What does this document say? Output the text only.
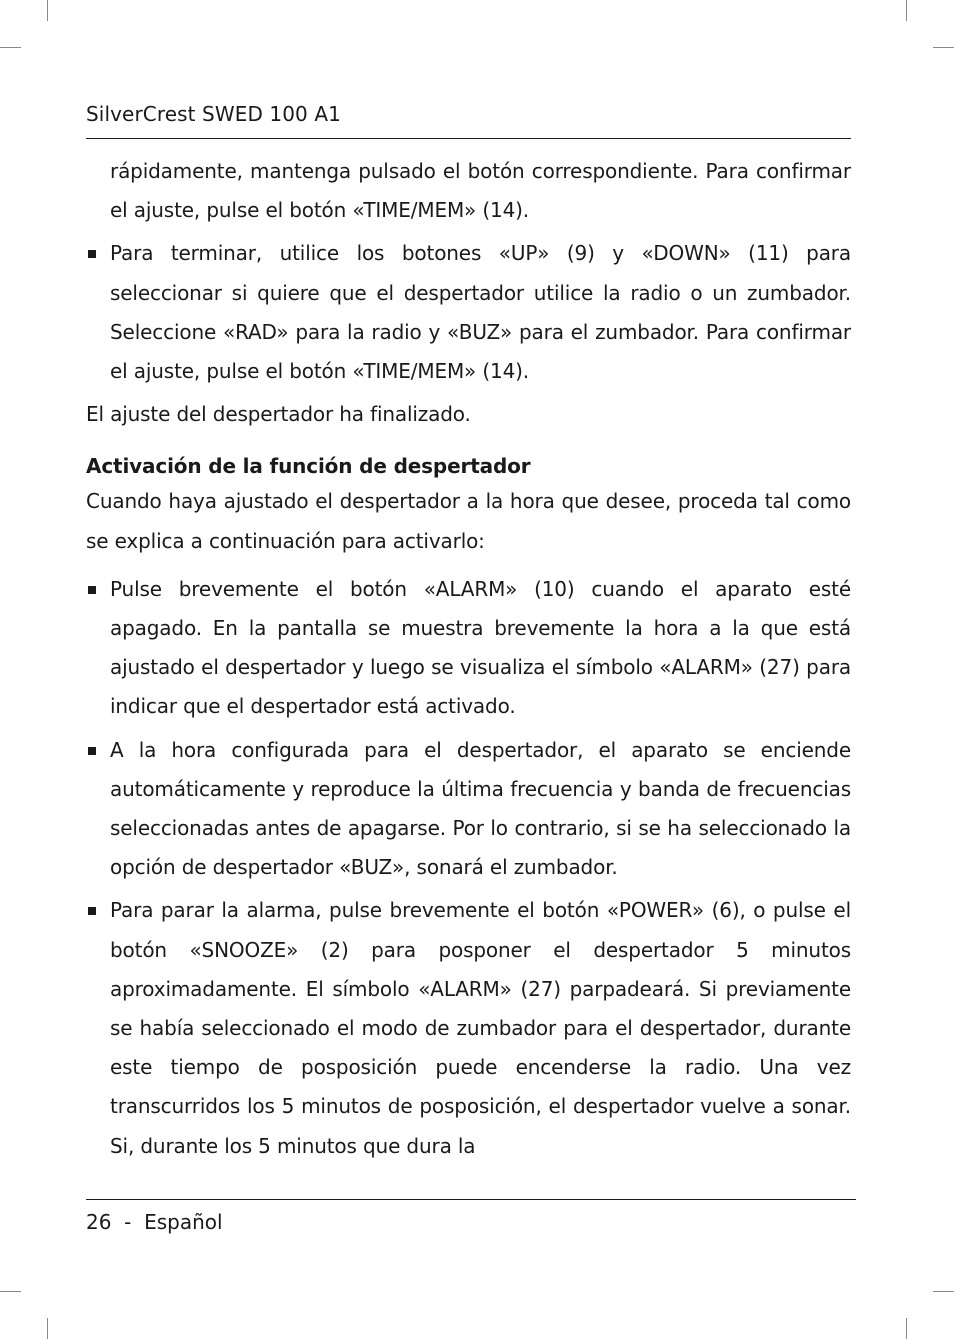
SilverCrest SWED 100 A1

rápidamente, mantenga pulsado el botón correspondiente. Para confirmar el ajuste, pulse el botón «TIME/MEM» (14).

Para terminar, utilice los botones «UP» (9) y «DOWN» (11) para seleccionar si quiere que el despertador utilice la radio o un zumbador. Seleccione «RAD» para la radio y «BUZ» para el zumbador. Para confirmar el ajuste, pulse el botón «TIME/MEM» (14).

El ajuste del despertador ha finalizado.

Activación de la función de despertador

Cuando haya ajustado el despertador a la hora que desee, proceda tal como se explica a continuación para activarlo:

Pulse brevemente el botón «ALARM» (10) cuando el aparato esté apagado. En la pantalla se muestra brevemente la hora a la que está ajustado el despertador y luego se visualiza el símbolo «ALARM» (27) para indicar que el despertador está activado.
A la hora configurada para el despertador, el aparato se enciende automáticamente y reproduce la última frecuencia y banda de frecuencias seleccionadas antes de apagarse. Por lo contrario, si se ha seleccionado la opción de despertador «BUZ», sonará el zumbador.
Para parar la alarma, pulse brevemente el botón «POWER» (6), o pulse el botón «SNOOZE» (2) para posponer el despertador 5 minutos aproximadamente. El símbolo «ALARM» (27) parpadeará. Si previamente se había seleccionado el modo de zumbador para el despertador, durante este tiempo de posposición puede encenderse la radio. Una vez transcurridos los 5 minutos de posposición, el despertador vuelve a sonar. Si, durante los 5 minutos que dura la
26  -  Español
